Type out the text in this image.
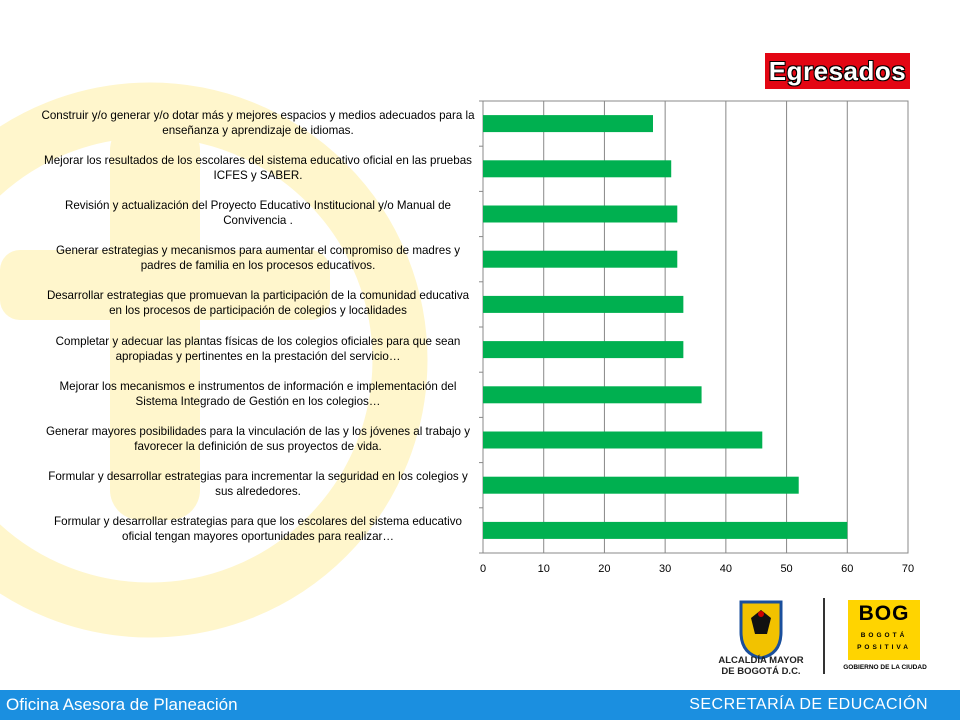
Egresados
0	10	20	30	40	50	60	70
Construir y/o generar y/o dotar más y mejores espacios y medios adecuados para la enseñanza y aprendizaje de idiomas.
Mejorar los resultados de los escolares del sistema educativo oficial en las pruebas ICFES y SABER.
Revisión y actualización del Proyecto Educativo Institucional y/o Manual de Convivencia .
Generar estrategias y mecanismos para aumentar el compromiso de madres y padres de familia en los procesos educativos.
Desarrollar estrategias que promuevan la participación de la comunidad educativa en los procesos de participación de colegios y localidades
Completar y adecuar las plantas físicas de los colegios oficiales para que sean apropiadas y pertinentes en la prestación del servicio…
Mejorar los mecanismos e instrumentos de información e implementación del Sistema Integrado de Gestión en los colegios…
Generar mayores posibilidades para la vinculación de las y los jóvenes al trabajo y favorecer la definición de sus proyectos de vida.
Formular y desarrollar estrategias para incrementar la seguridad en los colegios y sus alrededores.
Formular y desarrollar estrategias para que los escolares del sistema educativo oficial tengan mayores oportunidades para realizar…
ALCALDÍA MAYOR DE BOGOTÁ D.C.
BOG
BOGOTÁ
POSITIVA
GOBIERNO DE LA CIUDAD
Oficina Asesora de Planeación	SECRETARÍA DE EDUCACIÓN
